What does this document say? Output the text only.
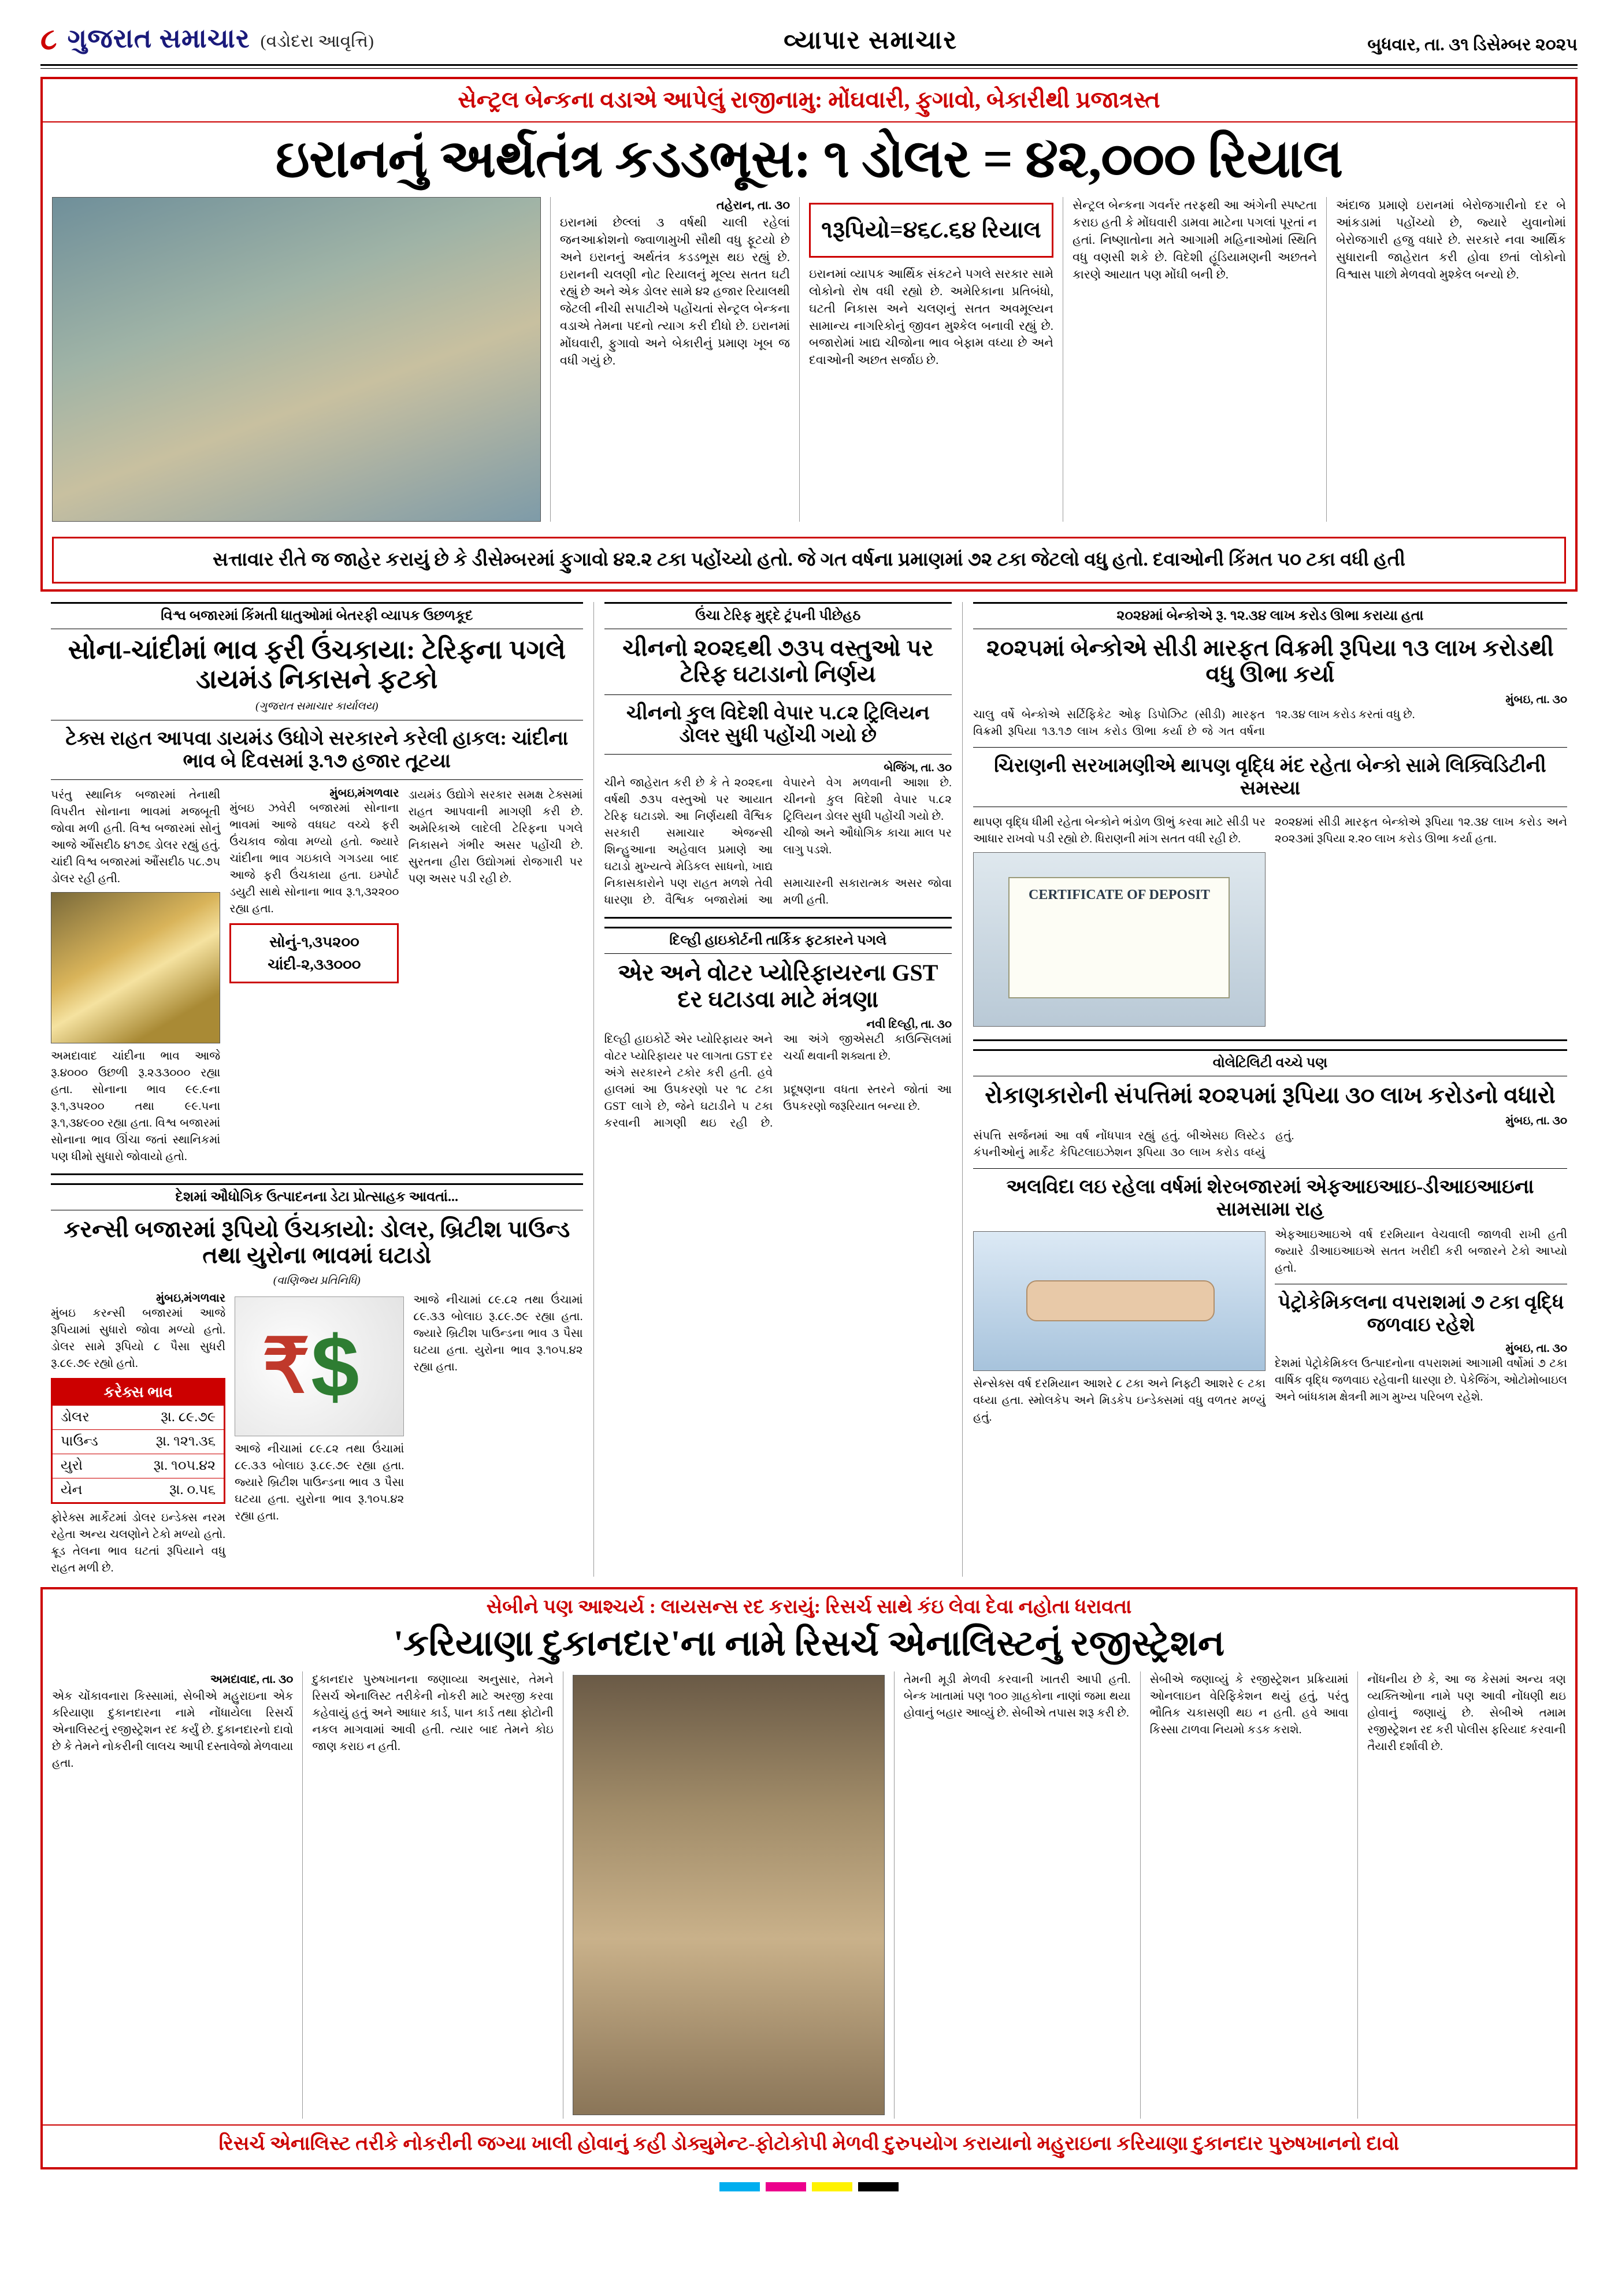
૮ ગુજરાત સમાચાર (વડોદરા આવૃત્તિ)	વ્યાપાર સમાચાર	બુધવાર, તા. ૩૧ ડિસેમ્બર ૨૦૨૫
સેન્ટ્રલ બેન્કના વડાએ આપેલું રાજીનામુ: મોંઘવારી, ફુગાવો, બેકારીથી પ્રજાત્રસ્ત
ઇરાનનું અર્થતંત્ર કડડભૂસ: ૧ ડોલર = ૪૨,૦૦૦ રિયાલ
તહેરાન, તા. ૩૦
ઇરાનમાં છેલ્લાં ૩ વર્ષથી ચાલી રહેલાં જનઆક્રોશનો જ્વાળામુખી સૌથી વધુ ફૂટયો છે અને ઇરાનનું અર્થતંત્ર કડડભૂસ થઇ રહ્યું છે. ઇરાનની ચલણી નોટ રિયાલનું મૂલ્ય સતત ઘટી રહ્યું છે અને એક ડોલર સામે ૪૨ હજાર રિયાલથી જેટલી નીચી સપાટીએ પહોંચતાં સેન્ટ્રલ બેન્કના વડાએ તેમના પદનો ત્યાગ કરી દીધો છે. ઇરાનમાં મોંઘવારી, ફુગાવો અને બેકારીનું પ્રમાણ ખૂબ જ વધી ગયું છે.
૧રૂપિયો=૪૬૮.૬૪ રિયાલ
ઇરાનમાં વ્યાપક આર્થિક સંકટને પગલે સરકાર સામે લોકોનો રોષ વધી રહ્યો છે. અમેરિકાના પ્રતિબંધો, ઘટતી નિકાસ અને ચલણનું સતત અવમૂલ્યન સામાન્ય નાગરિકોનું જીવન મુશ્કેલ બનાવી રહ્યું છે. બજારોમાં ખાદ્ય ચીજોના ભાવ બેફામ વધ્યા છે અને દવાઓની અછત સર્જાઇ છે.
સેન્ટ્રલ બેન્કના ગવર્નર તરફથી આ અંગેની સ્પષ્ટતા કરાઇ હતી કે મોંઘવારી ડામવા માટેના પગલાં પૂરતાં ન હતાં. નિષ્ણાતોના મતે આગામી મહિનાઓમાં સ્થિતિ વધુ વણસી શકે છે. વિદેશી હૂંડિયામણની અછતને કારણે આયાત પણ મોંઘી બની છે.
અંદાજ પ્રમાણે ઇરાનમાં બેરોજગારીનો દર બે આંકડામાં પહોંચ્યો છે, જ્યારે યુવાનોમાં બેરોજગારી હજુ વધારે છે. સરકારે નવા આર્થિક સુધારાની જાહેરાત કરી હોવા છતાં લોકોનો વિશ્વાસ પાછો મેળવવો મુશ્કેલ બન્યો છે.
સત્તાવાર રીતે જ જાહેર કરાયું છે કે ડીસેમ્બરમાં ફુગાવો ૪૨.૨ ટકા પહોંચ્યો હતો. જે ગત વર્ષના પ્રમાણમાં ૭૨ ટકા જેટલો વધુ હતો. દવાઓની કિંમત ૫૦ ટકા વધી હતી
વિશ્વ બજારમાં કિંમતી ધાતુઓમાં બેતરફી વ્યાપક ઉછળકૂદ
સોના-ચાંદીમાં ભાવ ફરી ઉંચકાયા: ટેરિફના પગલે ડાયમંડ નિકાસને ફટકો
(ગુજરાત સમાચાર કાર્યાલય)
ટેક્સ રાહત આપવા ડાયમંડ ઉધોગે સરકારને કરેલી હાકલ: ચાંદીના ભાવ બે દિવસમાં રૂ.૧૭ હજાર તૂટયા
પરંતુ સ્થાનિક બજારમાં તેનાથી વિપરીત સોનાના ભાવમાં મજબૂતી જોવા મળી હતી. વિશ્વ બજારમાં સોનું આજે ઔંસદીઠ ૪૧૭૬ ડોલર રહ્યું હતું. ચાંદી વિશ્વ બજારમાં ઔંસદીઠ ૫૮.૭૫ ડોલર રહી હતી.
અમદાવાદ ચાંદીના ભાવ આજે રૂ.૪૦૦૦ ઉછળી રૂ.૨૩૩૦૦૦ રહ્યા હતા. સોનાના ભાવ ૯૯.૯ના રૂ.૧,૩૫૨૦૦ તથા ૯૯.૫ના રૂ.૧,૩૪૯૦૦ રહ્યા હતા. વિશ્વ બજારમાં સોનાના ભાવ ઊંચા જતાં સ્થાનિકમાં પણ ધીમો સુધારો જોવાયો હતો.
મુંબઇ,મંગળવાર
મુંબઇ ઝવેરી બજારમાં સોનાના ભાવમાં આજે વધઘટ વચ્ચે ફરી ઉંચકાવ જોવા મળ્યો હતો. જ્યારે ચાંદીના ભાવ ગઇકાલે ગગડયા બાદ આજે ફરી ઉંચકાયા હતા. ઇમ્પોર્ટ ડયુટી સાથે સોનાના ભાવ રૂ.૧,૩૨૨૦૦ રહ્યા હતા.
સોનું-૧,૩૫૨૦૦
ચાંદી-૨,૩૩૦૦૦
ડાયમંડ ઉદ્યોગે સરકાર સમક્ષ ટેક્સમાં રાહત આપવાની માગણી કરી છે. અમેરિકાએ લાદેલી ટેરિફના પગલે નિકાસને ગંભીર અસર પહોંચી છે. સુરતના હીરા ઉદ્યોગમાં રોજગારી પર પણ અસર પડી રહી છે.
દેશમાં ઔધોગિક ઉત્પાદનના ડેટા પ્રોત્સાહક આવતાં...
કરન્સી બજારમાં રૂપિયો ઉંચકાયો: ડોલર, બ્રિટીશ પાઉન્ડ તથા યુરોના ભાવમાં ઘટાડો
(વાણિજ્ય પ્રતિનિધિ)
મુંબઇ,મંગળવાર
મુંબઇ કરન્સી બજારમાં આજે રૂપિયામાં સુધારો જોવા મળ્યો હતો. ડોલર સામે રૂપિયો ૮ પૈસા સુધરી રૂ.૮૯.૭૯ રહ્યો હતો.
કરેક્સ ભાવ
ડોલર	રૂા. ૮૯.૭૯
પાઉન્ડ	રૂા. ૧૨૧.૩૬
યુરો	રૂા. ૧૦૫.૪૨
યેન	રૂા. ૦.૫૬
ફોરેક્સ માર્કેટમાં ડોલર ઇન્ડેક્સ નરમ રહેતા અન્ય ચલણોને ટેકો મળ્યો હતો. ક્રૂડ તેલના ભાવ ઘટતાં રૂપિયાને વધુ રાહત મળી છે.
₹ $
આજે નીચામાં ૮૯.૮૨ તથા ઉંચામાં ૮૯.૩૩ બોલાઇ રૂ.૮૯.૭૯ રહ્યા હતા. જ્યારે બ્રિટીશ પાઉન્ડના ભાવ ૩ પૈસા ઘટયા હતા. યુરોના ભાવ રૂ.૧૦૫.૪૨ રહ્યા હતા.
આજે નીચામાં ૮૯.૮૨ તથા ઉંચામાં ૮૯.૩૩ બોલાઇ રૂ.૮૯.૭૯ રહ્યા હતા. જ્યારે બ્રિટીશ પાઉન્ડના ભાવ ૩ પૈસા ઘટયા હતા. યુરોના ભાવ રૂ.૧૦૫.૪૨ રહ્યા હતા.
ઉંચા ટેરિફ મુદ્દે ટ્રંપની પીછેહઠ
ચીનનો ૨૦૨૬થી ૭૩૫ વસ્તુઓ પર ટેરિફ ઘટાડાનો નિર્ણય
ચીનનો કુલ વિદેશી વેપાર ૫.૮૨ ટ્રિલિયન ડોલર સુધી પહોંચી ગયો છે
બેજિંગ, તા. ૩૦
ચીને જાહેરાત કરી છે કે તે ૨૦૨૬ના વર્ષથી ૭૩૫ વસ્તુઓ પર આયાત ટેરિફ ઘટાડશે. આ નિર્ણયથી વૈશ્વિક વેપારને વેગ મળવાની આશા છે. ચીનનો કુલ વિદેશી વેપાર ૫.૮૨ ટ્રિલિયન ડોલર સુધી પહોંચી ગયો છે.
સરકારી સમાચાર એજન્સી શિન્હુઆના અહેવાલ પ્રમાણે આ ઘટાડો મુખ્યત્વે મેડિકલ સાધનો, ખાદ્ય ચીજો અને ઔધોગિક કાચા માલ પર લાગુ પડશે.
નિકાસકારોને પણ રાહત મળશે તેવી ધારણા છે. વૈશ્વિક બજારોમાં આ સમાચારની સકારાત્મક અસર જોવા મળી હતી.
દિલ્હી હાઇકોર્ટની તાર્કિક ફટકારને પગલે
એર અને વોટર પ્યોરિફાયરના GST દર ઘટાડવા માટે મંત્રણા
નવી દિલ્હી, તા. ૩૦
દિલ્હી હાઇકોર્ટે એર પ્યોરિફાયર અને વોટર પ્યોરિફાયર પર લાગતા GST દર અંગે સરકારને ટકોર કરી હતી. હવે આ અંગે જીએસટી કાઉન્સિલમાં ચર્ચા થવાની શક્યતા છે.
હાલમાં આ ઉપકરણો પર ૧૮ ટકા GST લાગે છે, જેને ઘટાડીને ૫ ટકા કરવાની માગણી થઇ રહી છે. પ્રદૂષણના વધતા સ્તરને જોતાં આ ઉપકરણો જરૂરિયાત બન્યા છે.
૨૦૨૪માં બેન્કોએ રૂ. ૧૨.૩૪ લાખ કરોડ ઊભા કરાયા હતા
૨૦૨૫માં બેન્કોએ સીડી મારફત વિક્રમી રૂપિયા ૧૩ લાખ કરોડથી વધુ ઊભા કર્યા
મુંબઇ, તા. ૩૦
ચાલુ વર્ષે બેન્કોએ સર્ટિફિકેટ ઓફ ડિપોઝિટ (સીડી) મારફત વિક્રમી રૂપિયા ૧૩.૧૭ લાખ કરોડ ઊભા કર્યા છે જે ગત વર્ષના ૧૨.૩૪ લાખ કરોડ કરતાં વધુ છે.
ચિરાણની સરખામણીએ થાપણ વૃદ્ધિ મંદ રહેતા બેન્કો સામે લિક્વિડિટીની સમસ્યા
થાપણ વૃદ્ધિ ધીમી રહેતા બેન્કોને ભંડોળ ઊભું કરવા માટે સીડી પર આધાર રાખવો પડી રહ્યો છે. ધિરાણની માંગ સતત વધી રહી છે.
CERTIFICATE OF DEPOSIT
૨૦૨૪માં સીડી મારફત બેન્કોએ રૂપિયા ૧૨.૩૪ લાખ કરોડ અને ૨૦૨૩માં રૂપિયા ૨.૨૦ લાખ કરોડ ઊભા કર્યા હતા.
વોલેટિલિટી વચ્ચે પણ
રોકાણકારોની સંપત્તિમાં ૨૦૨૫માં રૂપિયા ૩૦ લાખ કરોડનો વધારો
મુંબઇ, તા. ૩૦
સંપત્તિ સર્જનમાં આ વર્ષ નોંધપાત્ર રહ્યું હતું. બીએસઇ લિસ્ટેડ કંપનીઓનું માર્કેટ કેપિટલાઇઝેશન રૂપિયા ૩૦ લાખ કરોડ વધ્યું હતું.
અલવિદા લઇ રહેલા વર્ષમાં શેરબજારમાં એફઆઇઆઇ-ડીઆઇઆઇના સામસામા રાહ
સેન્સેક્સ વર્ષ દરમિયાન આશરે ૮ ટકા અને નિફ્ટી આશરે ૯ ટકા વધ્યા હતા. સ્મોલકેપ અને મિડકેપ ઇન્ડેક્સમાં વધુ વળતર મળ્યું હતું.
એફઆઇઆઇએ વર્ષ દરમિયાન વેચવાલી જાળવી રાખી હતી જ્યારે ડીઆઇઆઇએ સતત ખરીદી કરી બજારને ટેકો આપ્યો હતો.
પેટ્રોકેમિકલના વપરાશમાં ૭ ટકા વૃદ્ધિ જળવાઇ રહેશે
મુંબઇ, તા. ૩૦
દેશમાં પેટ્રોકેમિકલ ઉત્પાદનોના વપરાશમાં આગામી વર્ષોમાં ૭ ટકા વાર્ષિક વૃદ્ધિ જળવાઇ રહેવાની ધારણા છે. પેકેજિંગ, ઓટોમોબાઇલ અને બાંધકામ ક્ષેત્રની માગ મુખ્ય પરિબળ રહેશે.
સેબીને પણ આશ્ચર્ય : લાયસન્સ રદ કરાયું: રિસર્ચ સાથે કંઇ લેવા દેવા નહોતા ધરાવતા
'કરિયાણા દુકાનદાર'ના નામે રિસર્ચ એનાલિસ્ટનું રજીસ્ટ્રેશન
અમદાવાદ, તા. ૩૦
એક ચોંકાવનારા કિસ્સામાં, સેબીએ મહુરાઇના એક કરિયાણા દુકાનદારના નામે નોંધાયેલા રિસર્ચ એનાલિસ્ટનું રજીસ્ટ્રેશન રદ કર્યું છે. દુકાનદારનો દાવો છે કે તેમને નોકરીની લાલચ આપી દસ્તાવેજો મેળવાયા હતા.
દુકાનદાર પુરુષખાનના જણાવ્યા અનુસાર, તેમને રિસર્ચ એનાલિસ્ટ તરીકેની નોકરી માટે અરજી કરવા કહેવાયું હતું અને આધાર કાર્ડ, પાન કાર્ડ તથા ફોટોની નકલ માગવામાં આવી હતી. ત્યાર બાદ તેમને કોઇ જાણ કરાઇ ન હતી.
તેમની મૂડી મેળવી કરવાની ખાતરી આપી હતી. બેન્ક ખાતામાં પણ ૧૦૦ ગ્રાહકોના નાણાં જમા થયા હોવાનું બહાર આવ્યું છે. સેબીએ તપાસ શરૂ કરી છે.
સેબીએ જણાવ્યું કે રજીસ્ટ્રેશન પ્રક્રિયામાં ઓનલાઇન વેરિફિકેશન થયું હતું, પરંતુ ભૌતિક ચકાસણી થઇ ન હતી. હવે આવા કિસ્સા ટાળવા નિયમો કડક કરાશે.
નોંધનીય છે કે, આ જ કેસમાં અન્ય ત્રણ વ્યક્તિઓના નામે પણ આવી નોંધણી થઇ હોવાનું જણાયું છે. સેબીએ તમામ રજીસ્ટ્રેશન રદ કરી પોલીસ ફરિયાદ કરવાની તૈયારી દર્શાવી છે.
રિસર્ચ એનાલિસ્ટ તરીકે નોકરીની જગ્યા ખાલી હોવાનું કહી ડોક્યુમેન્ટ-ફોટોકોપી મેળવી દુરુપયોગ કરાયાનો મહુરાઇના કરિયાણા દુકાનદાર પુરુષખાનનો દાવો
